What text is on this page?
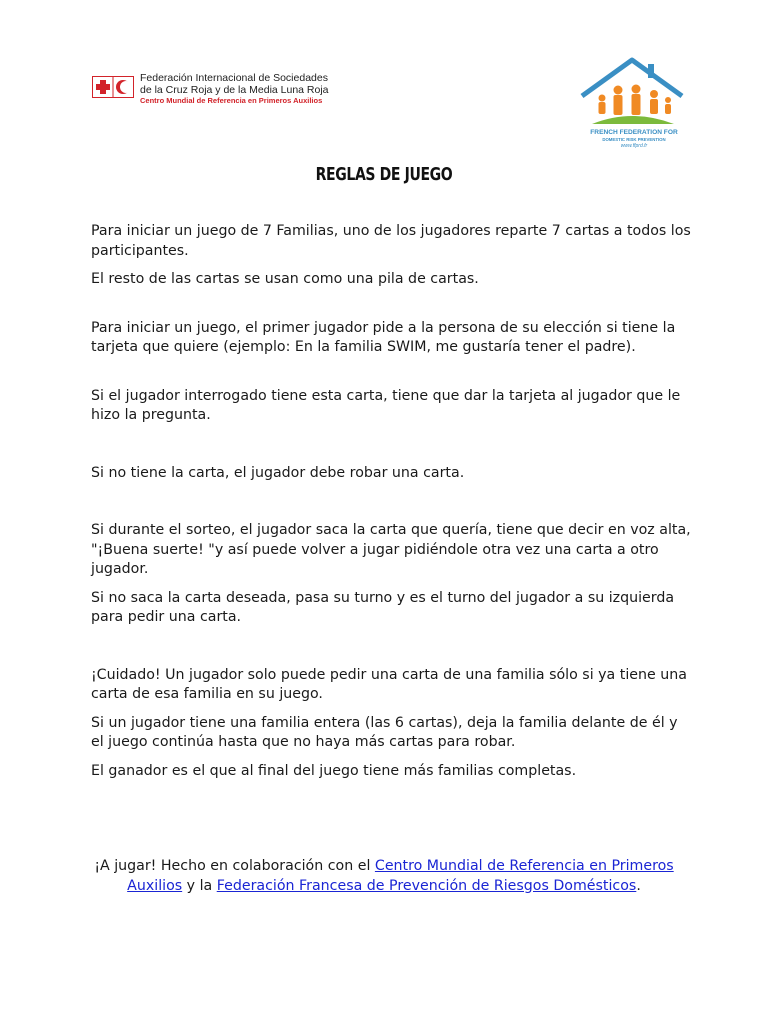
Federación Internacional de Sociedades
de la Cruz Roja y de la Media Luna Roja
Centro Mundial de Referencia en Primeros Auxilios
FRENCH FEDERATION FOR
DOMESTIC RISK PREVENTION
www.ffprd.fr
REGLAS DE JUEGO

Para iniciar un juego de 7 Familias, uno de los jugadores reparte 7 cartas a todos los participantes.

El resto de las cartas se usan como una pila de cartas.

Para iniciar un juego, el primer jugador pide a la persona de su elección si tiene la tarjeta que quiere (ejemplo: En la familia SWIM, me gustaría tener el padre).

Si el jugador interrogado tiene esta carta, tiene que dar la tarjeta al jugador que le hizo la pregunta.

Si no tiene la carta, el jugador debe robar una carta.

Si durante el sorteo, el jugador saca la carta que quería, tiene que decir en voz alta, "¡Buena suerte! "y así puede volver a jugar pidiéndole otra vez una carta a otro jugador.

Si no saca la carta deseada, pasa su turno y es el turno del jugador a su izquierda para pedir una carta.

¡Cuidado! Un jugador solo puede pedir una carta de una familia sólo si ya tiene una carta de esa familia en su juego.

Si un jugador tiene una familia entera (las 6 cartas), deja la familia delante de él y el juego continúa hasta que no haya más cartas para robar.

El ganador es el que al final del juego tiene más familias completas.

¡A jugar! Hecho en colaboración con el Centro Mundial de Referencia en Primeros Auxilios y la Federación Francesa de Prevención de Riesgos Domésticos.
